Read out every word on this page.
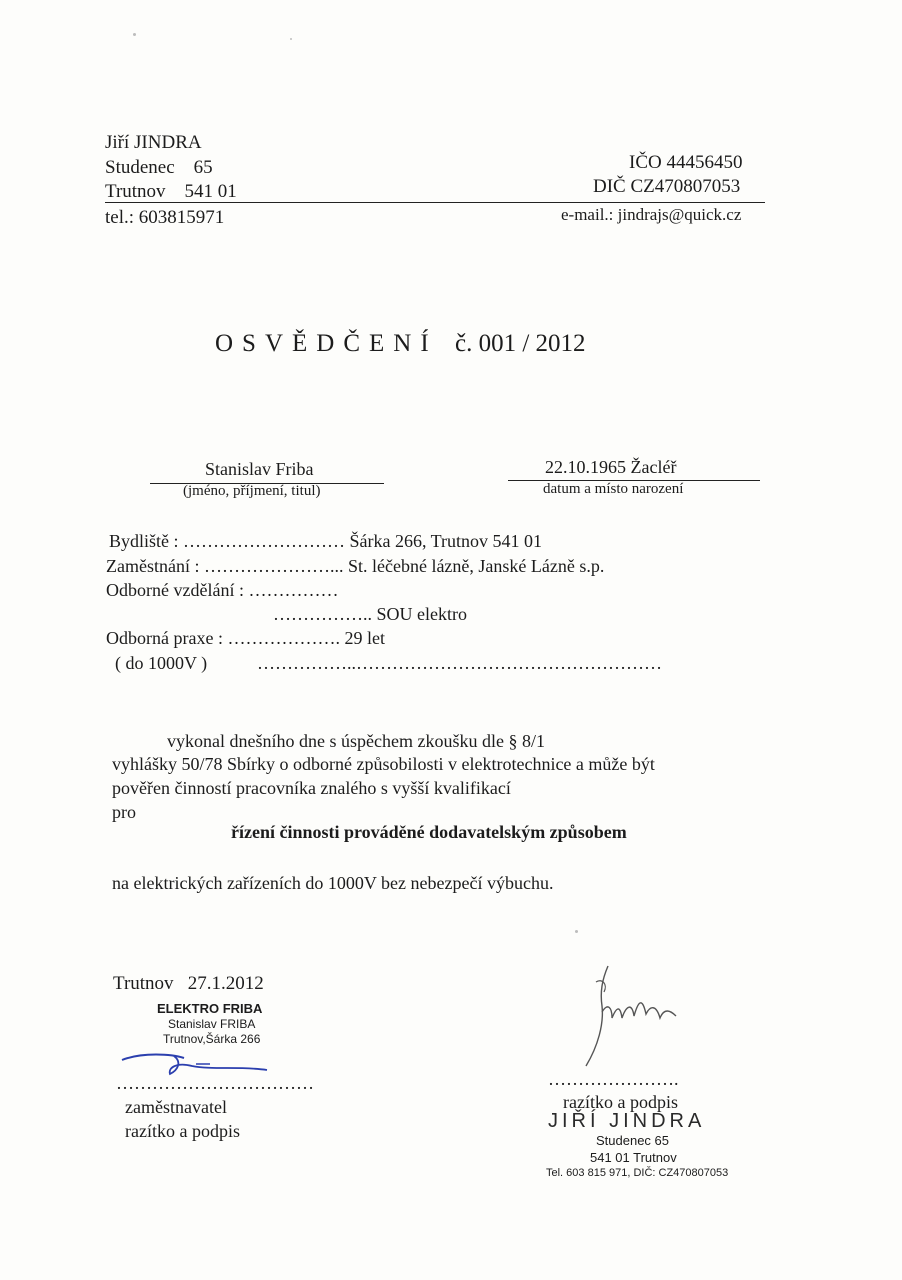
Jiří JINDRA
Studenec    65
Trutnov    541 01
tel.: 603815971
IČO 44456450
DIČ CZ470807053
e-mail.: jindrajs@quick.cz
OSVĚDČENÍ č. 001 / 2012
Stanislav Friba
(jméno, příjmení, titul)
22.10.1965 Žacléř
datum a místo narození
Bydliště : ……………………… Šárka 266, Trutnov 541 01
Zaměstnání : …………………... St. léčebné lázně, Janské Lázně s.p.
Odborné vzdělání : ……………
…………….. SOU elektro
Odborná praxe : ………………. 29 let
( do 1000V )	……………..……………………………………………
vykonal dnešního dne s úspěchem zkoušku dle § 8/1
vyhlášky 50/78 Sbírky o odborné způsobilosti v elektrotechnice a může být
pověřen činností pracovníka znalého s vyšší kvalifikací
pro
řízení činnosti prováděné dodavatelským způsobem
na elektrických zařízeních do 1000V bez nebezpečí výbuchu.
Trutnov   27.1.2012
ELEKTRO FRIBA
Stanislav FRIBA
Trutnov,Šárka 266
……………………………
zaměstnavatel
razítko a podpis
………………….
razítko a podpis
JIŘÍ JINDRA
Studenec 65
541 01 Trutnov
Tel. 603 815 971, DIČ: CZ470807053
